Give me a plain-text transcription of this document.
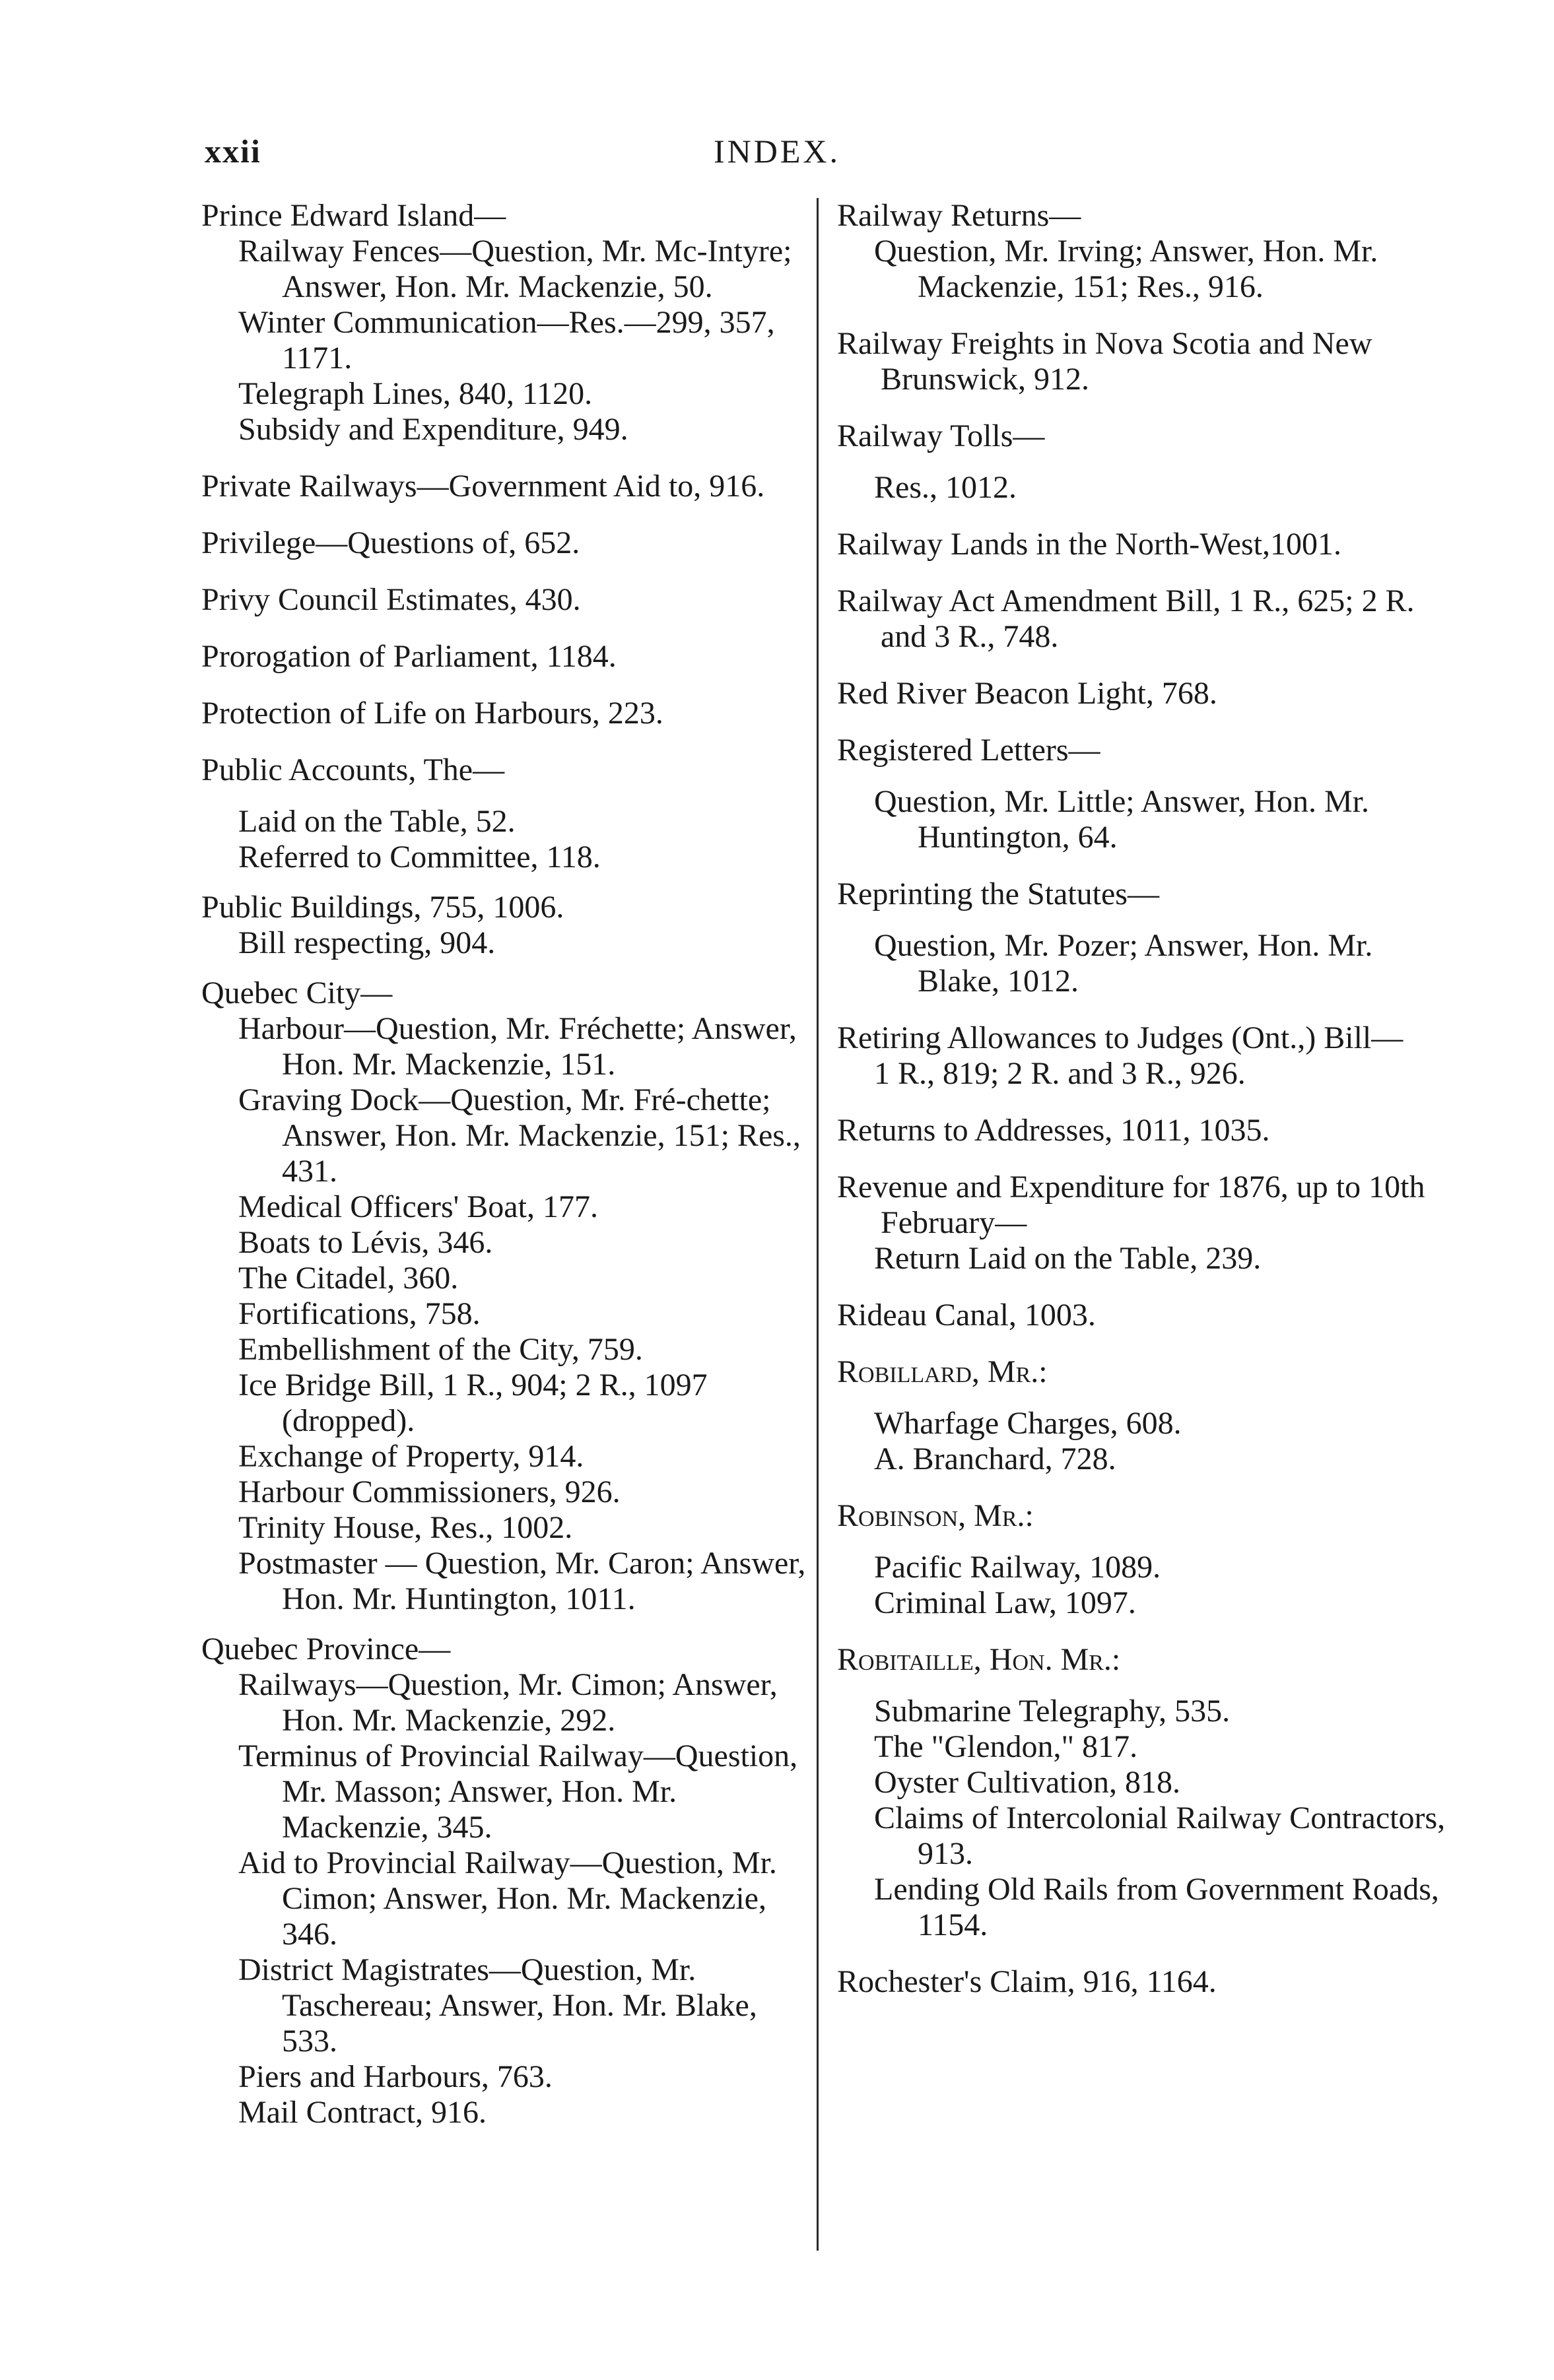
xxii	INDEX.
Prince Edward Island—
Railway Fences—Question, Mr. Mc-Intyre; Answer, Hon. Mr. Mackenzie, 50.
Winter Communication—Res.—299, 357, 1171.
Telegraph Lines, 840, 1120.
Subsidy and Expenditure, 949.
Private Railways—Government Aid to, 916.
Privilege—Questions of, 652.
Privy Council Estimates, 430.
Prorogation of Parliament, 1184.
Protection of Life on Harbours, 223.
Public Accounts, The—
Laid on the Table, 52.
Referred to Committee, 118.
Public Buildings, 755, 1006.
Bill respecting, 904.
Quebec City—
Harbour—Question, Mr. Fréchette; Answer, Hon. Mr. Mackenzie, 151.
Graving Dock—Question, Mr. Fré-chette; Answer, Hon. Mr. Mackenzie, 151; Res., 431.
Medical Officers' Boat, 177.
Boats to Lévis, 346.
The Citadel, 360.
Fortifications, 758.
Embellishment of the City, 759.
Ice Bridge Bill, 1 R., 904; 2 R., 1097 (dropped).
Exchange of Property, 914.
Harbour Commissioners, 926.
Trinity House, Res., 1002.
Postmaster — Question, Mr. Caron; Answer, Hon. Mr. Huntington, 1011.
Quebec Province—
Railways—Question, Mr. Cimon; Answer, Hon. Mr. Mackenzie, 292.
Terminus of Provincial Railway—Question, Mr. Masson; Answer, Hon. Mr. Mackenzie, 345.
Aid to Provincial Railway—Question, Mr. Cimon; Answer, Hon. Mr. Mackenzie, 346.
District Magistrates—Question, Mr. Taschereau; Answer, Hon. Mr. Blake, 533.
Piers and Harbours, 763.
Mail Contract, 916.
Railway Returns—
Question, Mr. Irving; Answer, Hon. Mr. Mackenzie, 151; Res., 916.
Railway Freights in Nova Scotia and New Brunswick, 912.
Railway Tolls—
Res., 1012.
Railway Lands in the North-West,1001.
Railway Act Amendment Bill, 1 R., 625; 2 R. and 3 R., 748.
Red River Beacon Light, 768.
Registered Letters—
Question, Mr. Little; Answer, Hon. Mr. Huntington, 64.
Reprinting the Statutes—
Question, Mr. Pozer; Answer, Hon. Mr. Blake, 1012.
Retiring Allowances to Judges (Ont.,) Bill—
1 R., 819; 2 R. and 3 R., 926.
Returns to Addresses, 1011, 1035.
Revenue and Expenditure for 1876, up to 10th February—
Return Laid on the Table, 239.
Rideau Canal, 1003.
Robillard, Mr.:
Wharfage Charges, 608.
A. Branchard, 728.
Robinson, Mr.:
Pacific Railway, 1089.
Criminal Law, 1097.
Robitaille, Hon. Mr.:
Submarine Telegraphy, 535.
The "Glendon," 817.
Oyster Cultivation, 818.
Claims of Intercolonial Railway Contractors, 913.
Lending Old Rails from Government Roads, 1154.
Rochester's Claim, 916, 1164.
